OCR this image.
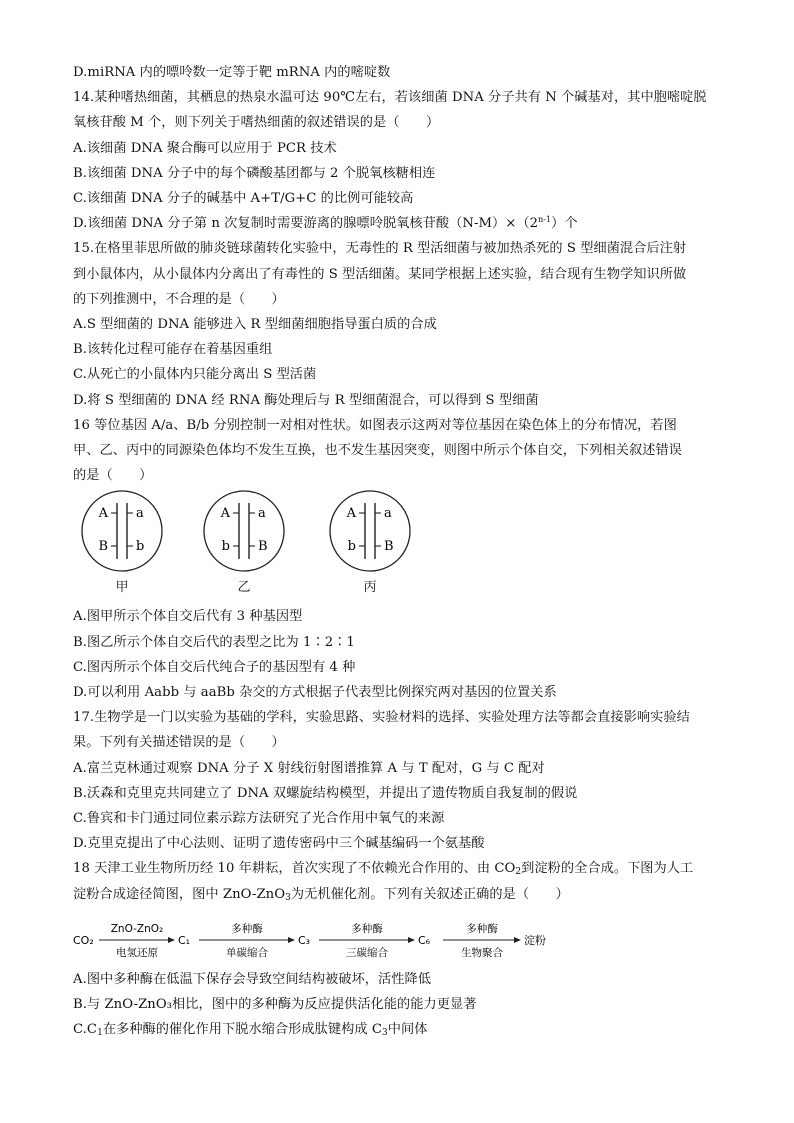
D.miRNA 内的嘌呤数一定等于靶 mRNA 内的嘧啶数
14.某种嗜热细菌，其栖息的热泉水温可达 90℃左右，若该细菌 DNA 分子共有 N 个碱基对，其中胞嘧啶脱
氧核苷酸 M 个，则下列关于嗜热细菌的叙述错误的是（　　）
A.该细菌 DNA 聚合酶可以应用于 PCR 技术
B.该细菌 DNA 分子中的每个磷酸基团都与 2 个脱氧核糖相连
C.该细菌 DNA 分子的碱基中 A+T/G+C 的比例可能较高
D.该细菌 DNA 分子第 n 次复制时需要游离的腺嘌呤脱氧核苷酸$(N-M)\times(2^{n-1})$个
15.在格里菲思所做的肺炎链球菌转化实验中，无毒性的 R 型活细菌与被加热杀死的 S 型细菌混合后注射
到小鼠体内，从小鼠体内分离出了有毒性的 S 型活细菌。某同学根据上述实验，结合现有生物学知识所做
的下列推测中，不合理的是（　　）
A.S 型细菌的 DNA 能够进入 R 型细菌细胞指导蛋白质的合成
B.该转化过程可能存在着基因重组
C.从死亡的小鼠体内只能分离出 S 型活菌
D.将 S 型细菌的 DNA 经 RNA 酶处理后与 R 型细菌混合，可以得到 S 型细菌
16 等位基因 A/a、B/b 分别控制一对相对性状。如图表示这两对等位基因在染色体上的分布情况，若图
甲、乙、丙中的同源染色体均不发生互换，也不发生基因突变，则图中所示个体自交，下列相关叙述错误
的是（　　）
A a
B b
甲
A a
b B
乙
A a
b B
丙
A.图甲所示个体自交后代有 3 种基因型
B.图乙所示个体自交后代的表型之比为 1∶2∶1
C.图丙所示个体自交后代纯合子的基因型有 4 种
D.可以利用 Aabb 与 aaBb 杂交的方式根据子代表型比例探究两对基因的位置关系
17.生物学是一门以实验为基础的学科，实验思路、实验材料的选择、实验处理方法等都会直接影响实验结
果。下列有关描述错误的是（　　）
A.富兰克林通过观察 DNA 分子 X 射线衍射图谱推算 A 与 T 配对，G 与 C 配对
B.沃森和克里克共同建立了 DNA 双螺旋结构模型，并提出了遗传物质自我复制的假说
C.鲁宾和卡门通过同位素示踪方法研究了光合作用中氧气的来源
D.克里克提出了中心法则、证明了遗传密码中三个碱基编码一个氨基酸
18 天津工业生物所历经 10 年耕耘，首次实现了不依赖光合作用的、由 $CO_2$到淀粉的全合成。下图为人工
淀粉合成途径简图，图中 ZnO-ZnO$_3$为无机催化剂。下列有关叙述正确的是（　　）
CO₂
ZnO-ZnO₂
电氢还原
C₁
多种酶
单碳缩合
C₃
多种酶
三碳缩合
C₆
多种酶
生物聚合
淀粉
A.图中多种酶在低温下保存会导致空间结构被破坏，活性降低
B.与 ZnO-ZnO₃相比，图中的多种酶为反应提供活化能的能力更显著
$C.C_1$在多种酶的催化作用下脱水缩合形成肽键构成 $C_3$中间体
